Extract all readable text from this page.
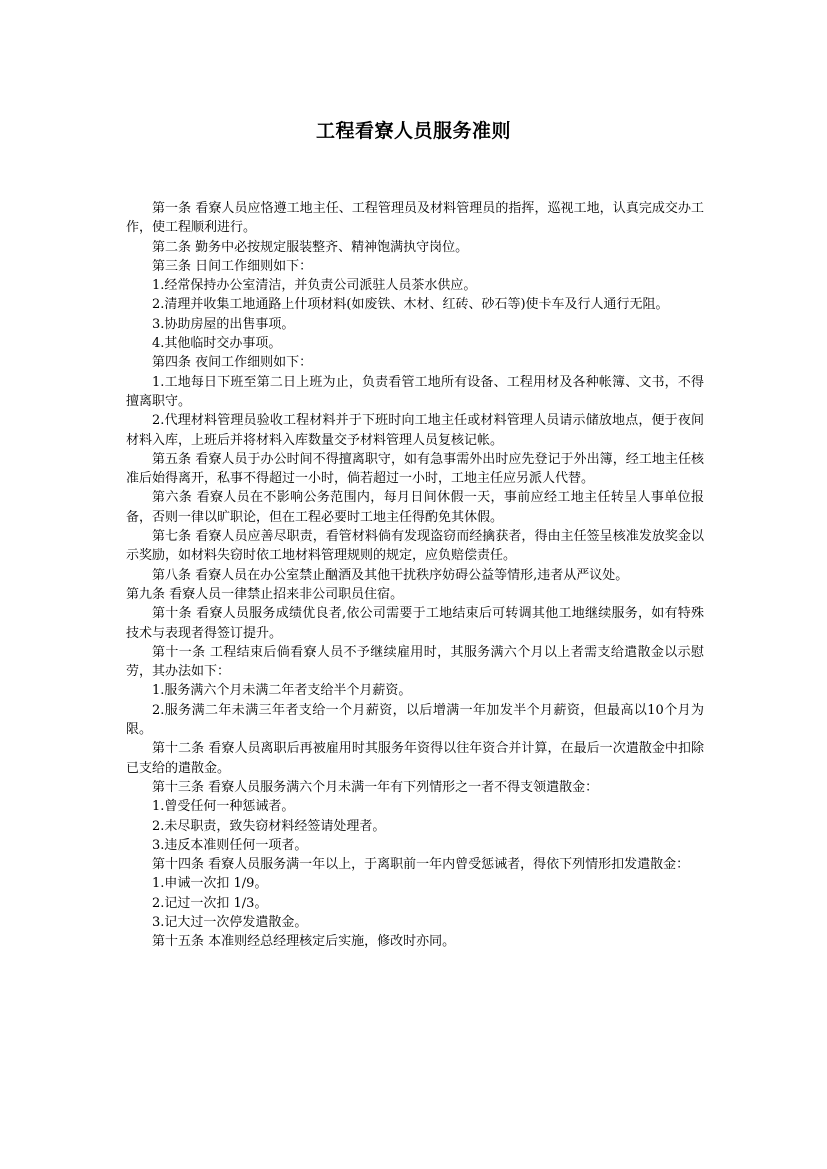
工程看寮人员服务准则

第一条 看寮人员应恪遵工地主任、工程管理员及材料管理员的指挥，巡视工地，认真完成交办工作，使工程顺利进行。

第二条 勤务中必按规定服装整齐、精神饱满执守岗位。

第三条 日间工作细则如下：

1.经常保持办公室清洁，并负责公司派驻人员茶水供应。

2.清理并收集工地通路上什项材料(如废铁、木材、红砖、砂石等)使卡车及行人通行无阻。

3.协助房屋的出售事项。

4.其他临时交办事项。

第四条 夜间工作细则如下：

1.工地每日下班至第二日上班为止，负责看管工地所有设备、工程用材及各种帐簿、文书，不得擅离职守。

2.代理材料管理员验收工程材料并于下班时向工地主任或材料管理人员请示储放地点，便于夜间材料入库，上班后并将材料入库数量交予材料管理人员复核记帐。

第五条 看寮人员于办公时间不得擅离职守，如有急事需外出时应先登记于外出簿，经工地主任核准后始得离开，私事不得超过一小时，倘若超过一小时，工地主任应另派人代替。

第六条 看寮人员在不影响公务范围内，每月日间休假一天，事前应经工地主任转呈人事单位报备，否则一律以旷职论，但在工程必要时工地主任得酌免其休假。

第七条 看寮人员应善尽职责，看管材料倘有发现盗窃而经擒获者，得由主任签呈核准发放奖金以示奖励，如材料失窃时依工地材料管理规则的规定，应负赔偿责任。

第八条 看寮人员在办公室禁止酗酒及其他干扰秩序妨碍公益等情形,违者从严议处。

第九条 看寮人员一律禁止招来非公司职员住宿。

第十条 看寮人员服务成绩优良者,依公司需要于工地结束后可转调其他工地继续服务，如有特殊技术与表现者得签订提升。

第十一条 工程结束后倘看寮人员不予继续雇用时，其服务满六个月以上者需支给遣散金以示慰劳，其办法如下：

1.服务满六个月未满二年者支给半个月薪资。

2.服务满二年未满三年者支给一个月薪资，以后增满一年加发半个月薪资，但最高以10个月为限。

第十二条 看寮人员离职后再被雇用时其服务年资得以往年资合并计算，在最后一次遣散金中扣除已支给的遣散金。

第十三条 看寮人员服务满六个月未满一年有下列情形之一者不得支领遣散金：

1.曾受任何一种惩诫者。

2.未尽职责，致失窃材料经签请处理者。

3.违反本准则任何一项者。

第十四条 看寮人员服务满一年以上，于离职前一年内曾受惩诫者，得依下列情形扣发遣散金：

1.申诫一次扣 1/9。

2.记过一次扣 1/3。

3.记大过一次停发遣散金。

第十五条 本准则经总经理核定后实施，修改时亦同。
